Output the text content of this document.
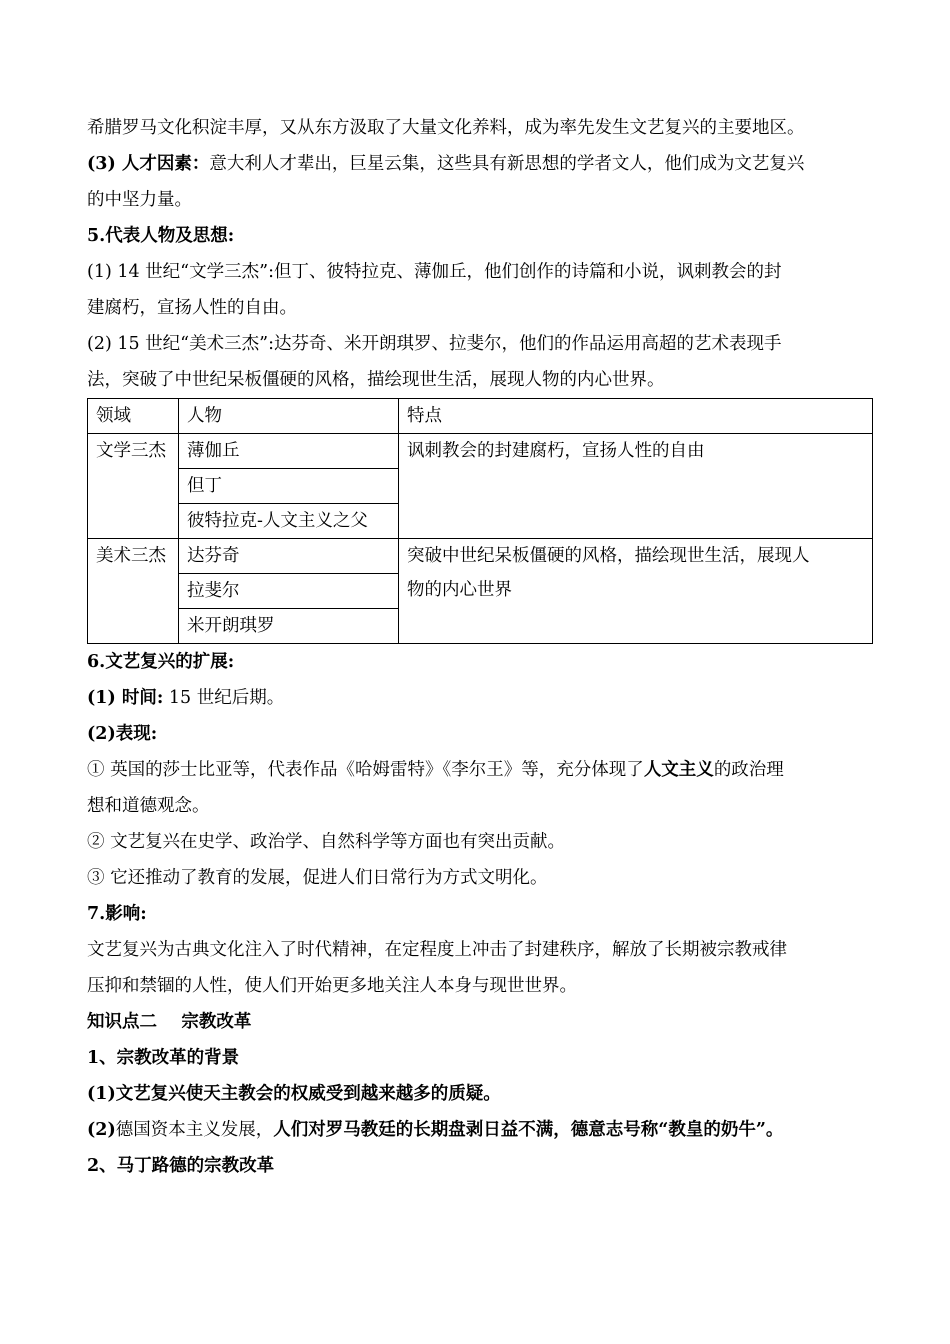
希腊罗马文化积淀丰厚，又从东方汲取了大量文化养料，成为率先发生文艺复兴的主要地区。
(3) 人才因素：意大利人才辈出，巨星云集，这些具有新思想的学者文人，他们成为文艺复兴
的中坚力量。
5.代表人物及思想:
(1) 14 世纪“文学三杰”:但丁、彼特拉克、薄伽丘，他们创作的诗篇和小说，讽刺教会的封
建腐朽，宣扬人性的自由。
(2) 15 世纪“美术三杰”:达芬奇、米开朗琪罗、拉斐尔，他们的作品运用高超的艺术表现手
法，突破了中世纪呆板僵硬的风格，描绘现世生活，展现人物的内心世界。
领域	人物	特点
文学三杰	薄伽丘	讽刺教会的封建腐朽，宣扬人性的自由
	但丁	
	彼特拉克-人文主义之父	
美术三杰	达芬奇	突破中世纪呆板僵硬的风格，描绘现世生活，展现人
物的内心世界

	拉斐尔	
	米开朗琪罗	
6.文艺复兴的扩展:
(1) 时间: 15 世纪后期。
(2)表现:
① 英国的莎士比亚等，代表作品《哈姆雷特》《李尔王》等，充分体现了人文主义的政治理
想和道德观念。
② 文艺复兴在史学、政治学、自然科学等方面也有突出贡献。
③ 它还推动了教育的发展，促进人们日常行为方式文明化。
7.影响:
文艺复兴为古典文化注入了时代精神，在定程度上冲击了封建秩序，解放了长期被宗教戒律
压抑和禁锢的人性，使人们开始更多地关注人本身与现世世界。
知识点二    宗教改革
1、宗教改革的背景
(1)文艺复兴使天主教会的权威受到越来越多的质疑。
(2)德国资本主义发展，人们对罗马教廷的长期盘剥日益不满，德意志号称“教皇的奶牛”。
2、马丁路德的宗教改革
